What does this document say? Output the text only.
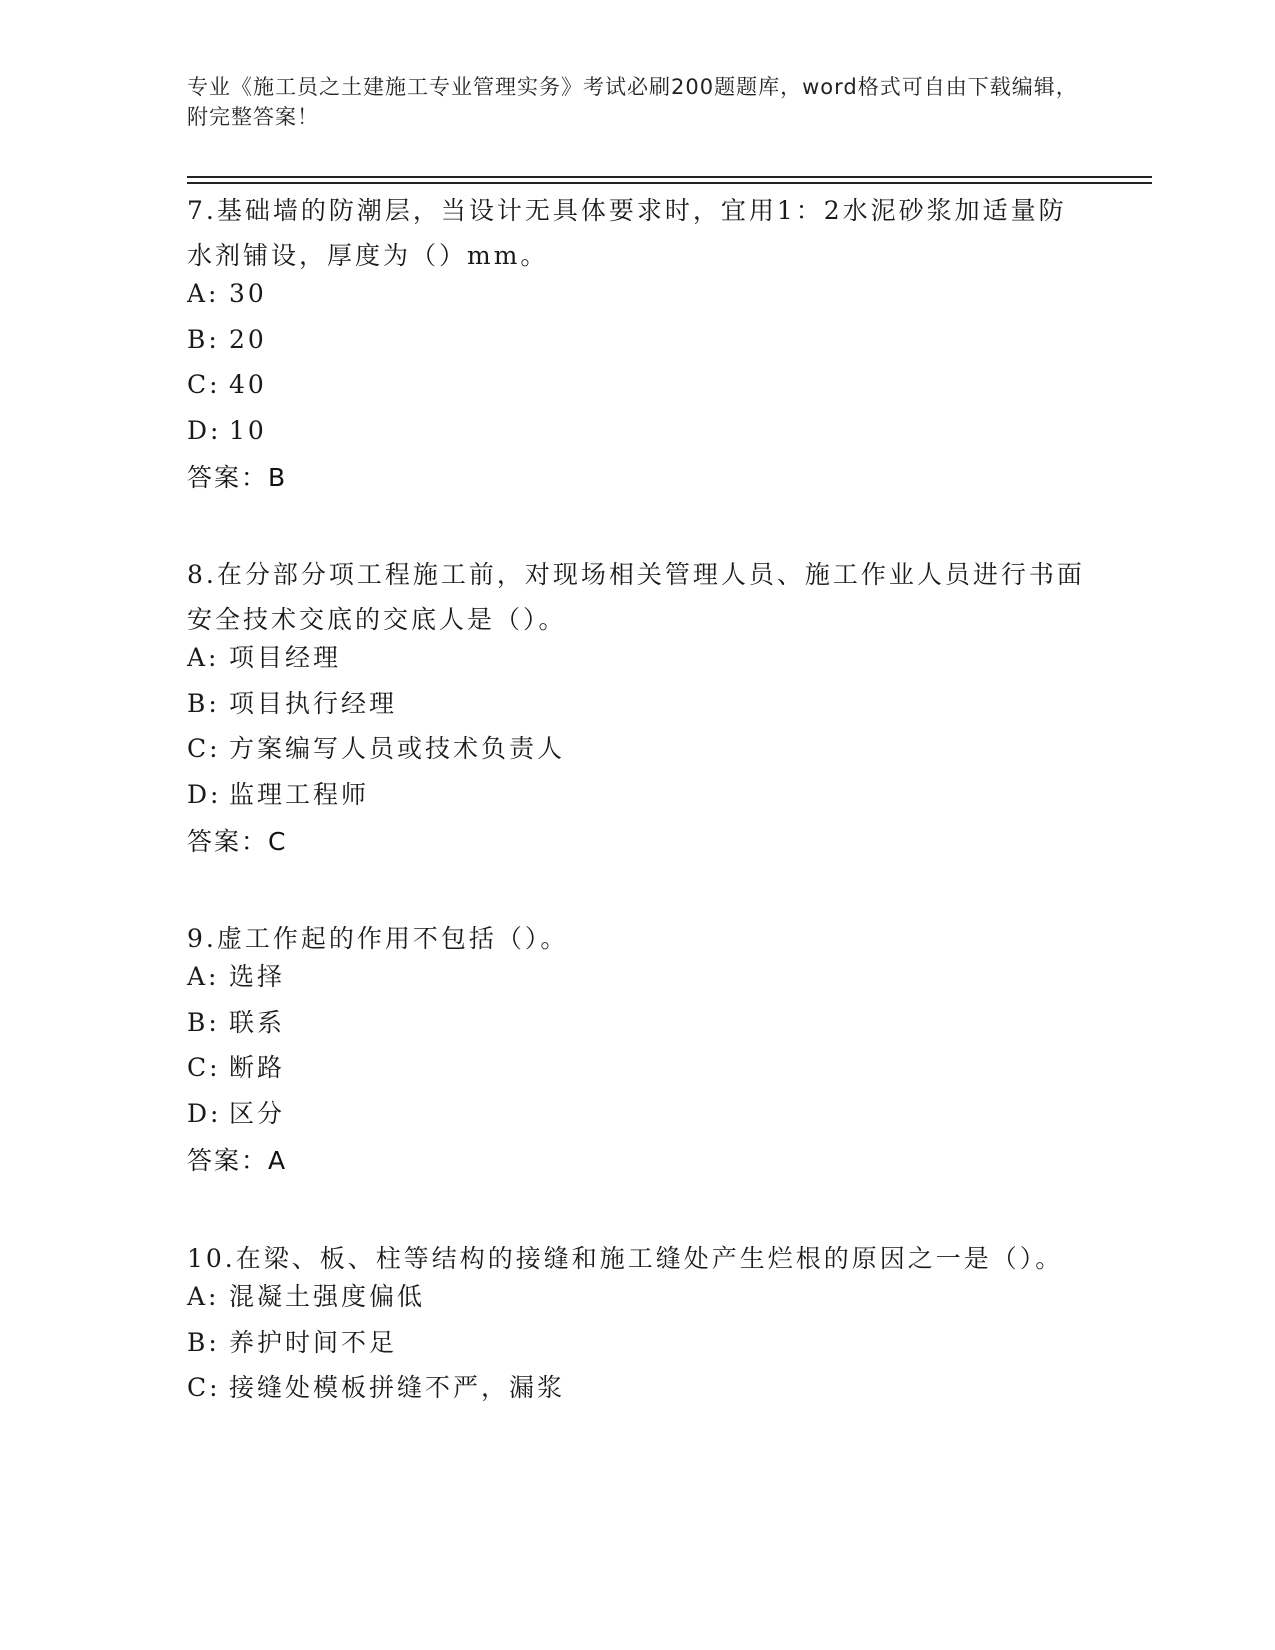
专业《施工员之土建施工专业管理实务》考试必刷200题题库，word格式可自由下载编辑，附完整答案！

7.基础墙的防潮层，当设计无具体要求时，宜用1：2水泥砂浆加适量防水剂铺设，厚度为（）mm。

A: 30
B: 20
C: 40
D: 10
答案：B

8.在分部分项工程施工前，对现场相关管理人员、施工作业人员进行书面安全技术交底的交底人是（）。

A: 项目经理
B: 项目执行经理
C: 方案编写人员或技术负责人
D: 监理工程师
答案：C

9.虚工作起的作用不包括（）。

A: 选择
B: 联系
C: 断路
D: 区分
答案：A

10.在梁、板、柱等结构的接缝和施工缝处产生烂根的原因之一是（）。

A: 混凝土强度偏低
B: 养护时间不足
C: 接缝处模板拼缝不严，漏浆
